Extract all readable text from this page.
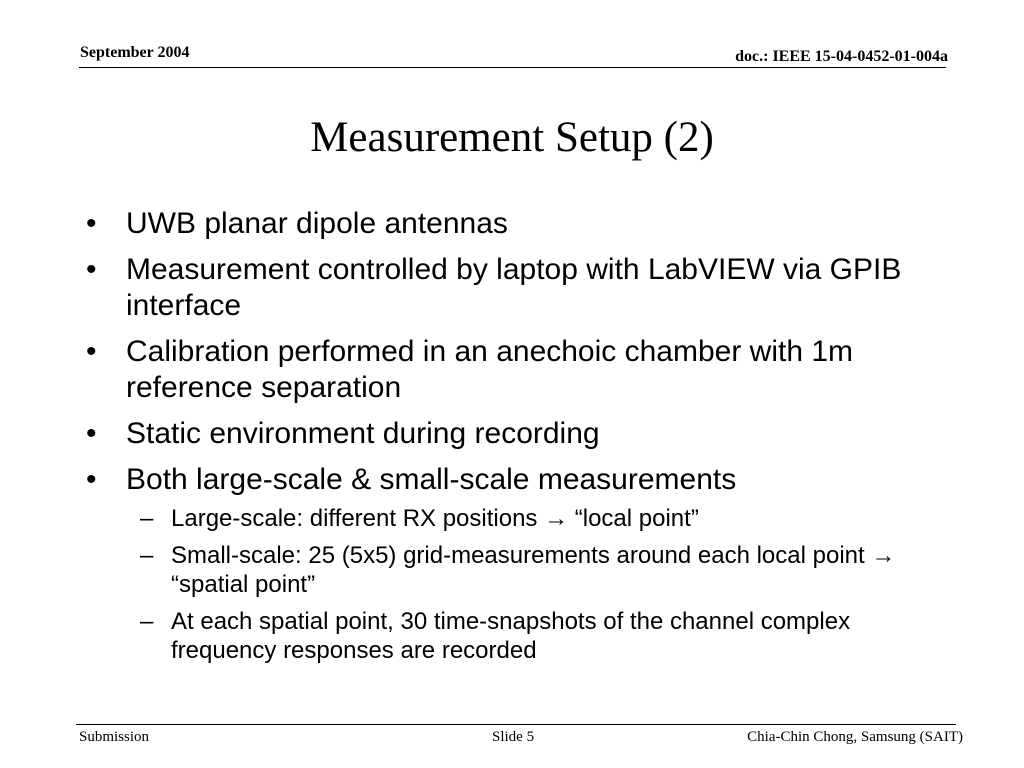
September 2004	doc.: IEEE 15-04-0452-01-004a
Measurement Setup (2)
• UWB planar dipole antennas
• Measurement controlled by laptop with LabVIEW via GPIB interface
• Calibration performed in an anechoic chamber with 1m reference separation
• Static environment during recording
• Both large-scale & small-scale measurements
– Large-scale: different RX positions → “local point”
– Small-scale: 25 (5x5) grid-measurements around each local point → “spatial point”
– At each spatial point, 30 time-snapshots of the channel complex frequency responses are recorded
Submission	Slide 5	Chia-Chin Chong, Samsung (SAIT)
